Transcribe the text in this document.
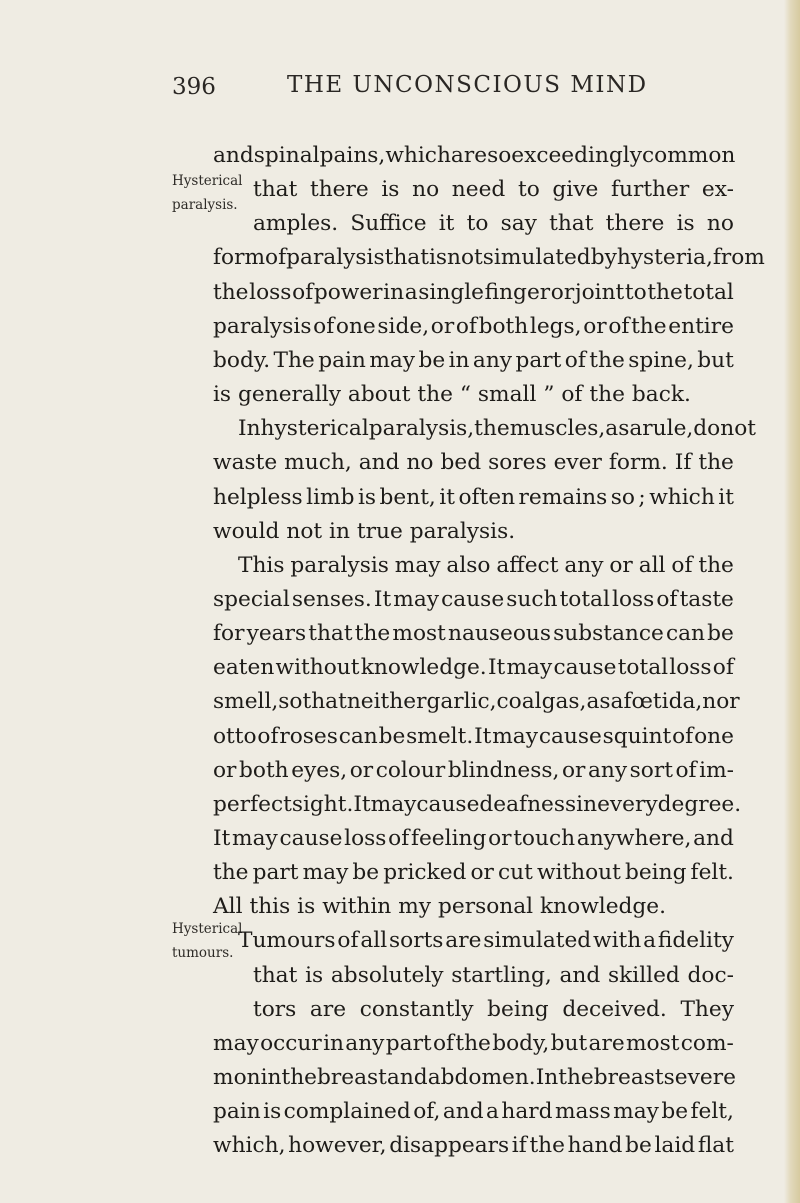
396	THE UNCONSCIOUS MIND
Hysterical
paralysis.
Hysterical
tumours.
and spinal pains, which are so exceedingly common
that there is no need to give further ex-
amples. Suffice it to say that there is no
form of paralysis that is not simulated by hysteria, from
the loss of power in a single finger or joint to the total
paralysis of one side, or of both legs, or of the entire
body. The pain may be in any part of the spine, but
is generally about the “ small ” of the back.
In hysterical paralysis, the muscles, as a rule, do not
waste much, and no bed sores ever form. If the
helpless limb is bent, it often remains so ; which it
would not in true paralysis.
This paralysis may also affect any or all of the
special senses. It may cause such total loss of taste
for years that the most nauseous substance can be
eaten without knowledge. It may cause total loss of
smell, so that neither garlic, coal gas, asafœtida, nor
otto of roses can be smelt. It may cause squint of one
or both eyes, or colour blindness, or any sort of im-
perfect sight. It may cause deafness in every degree.
It may cause loss of feeling or touch anywhere, and
the part may be pricked or cut without being felt.
All this is within my personal knowledge.
Tumours of all sorts are simulated with a fidelity
that is absolutely startling, and skilled doc-
tors are constantly being deceived. They
may occur in any part of the body, but are most com-
mon in the breast and abdomen. In the breast severe
pain is complained of, and a hard mass may be felt,
which, however, disappears if the hand be laid flat
